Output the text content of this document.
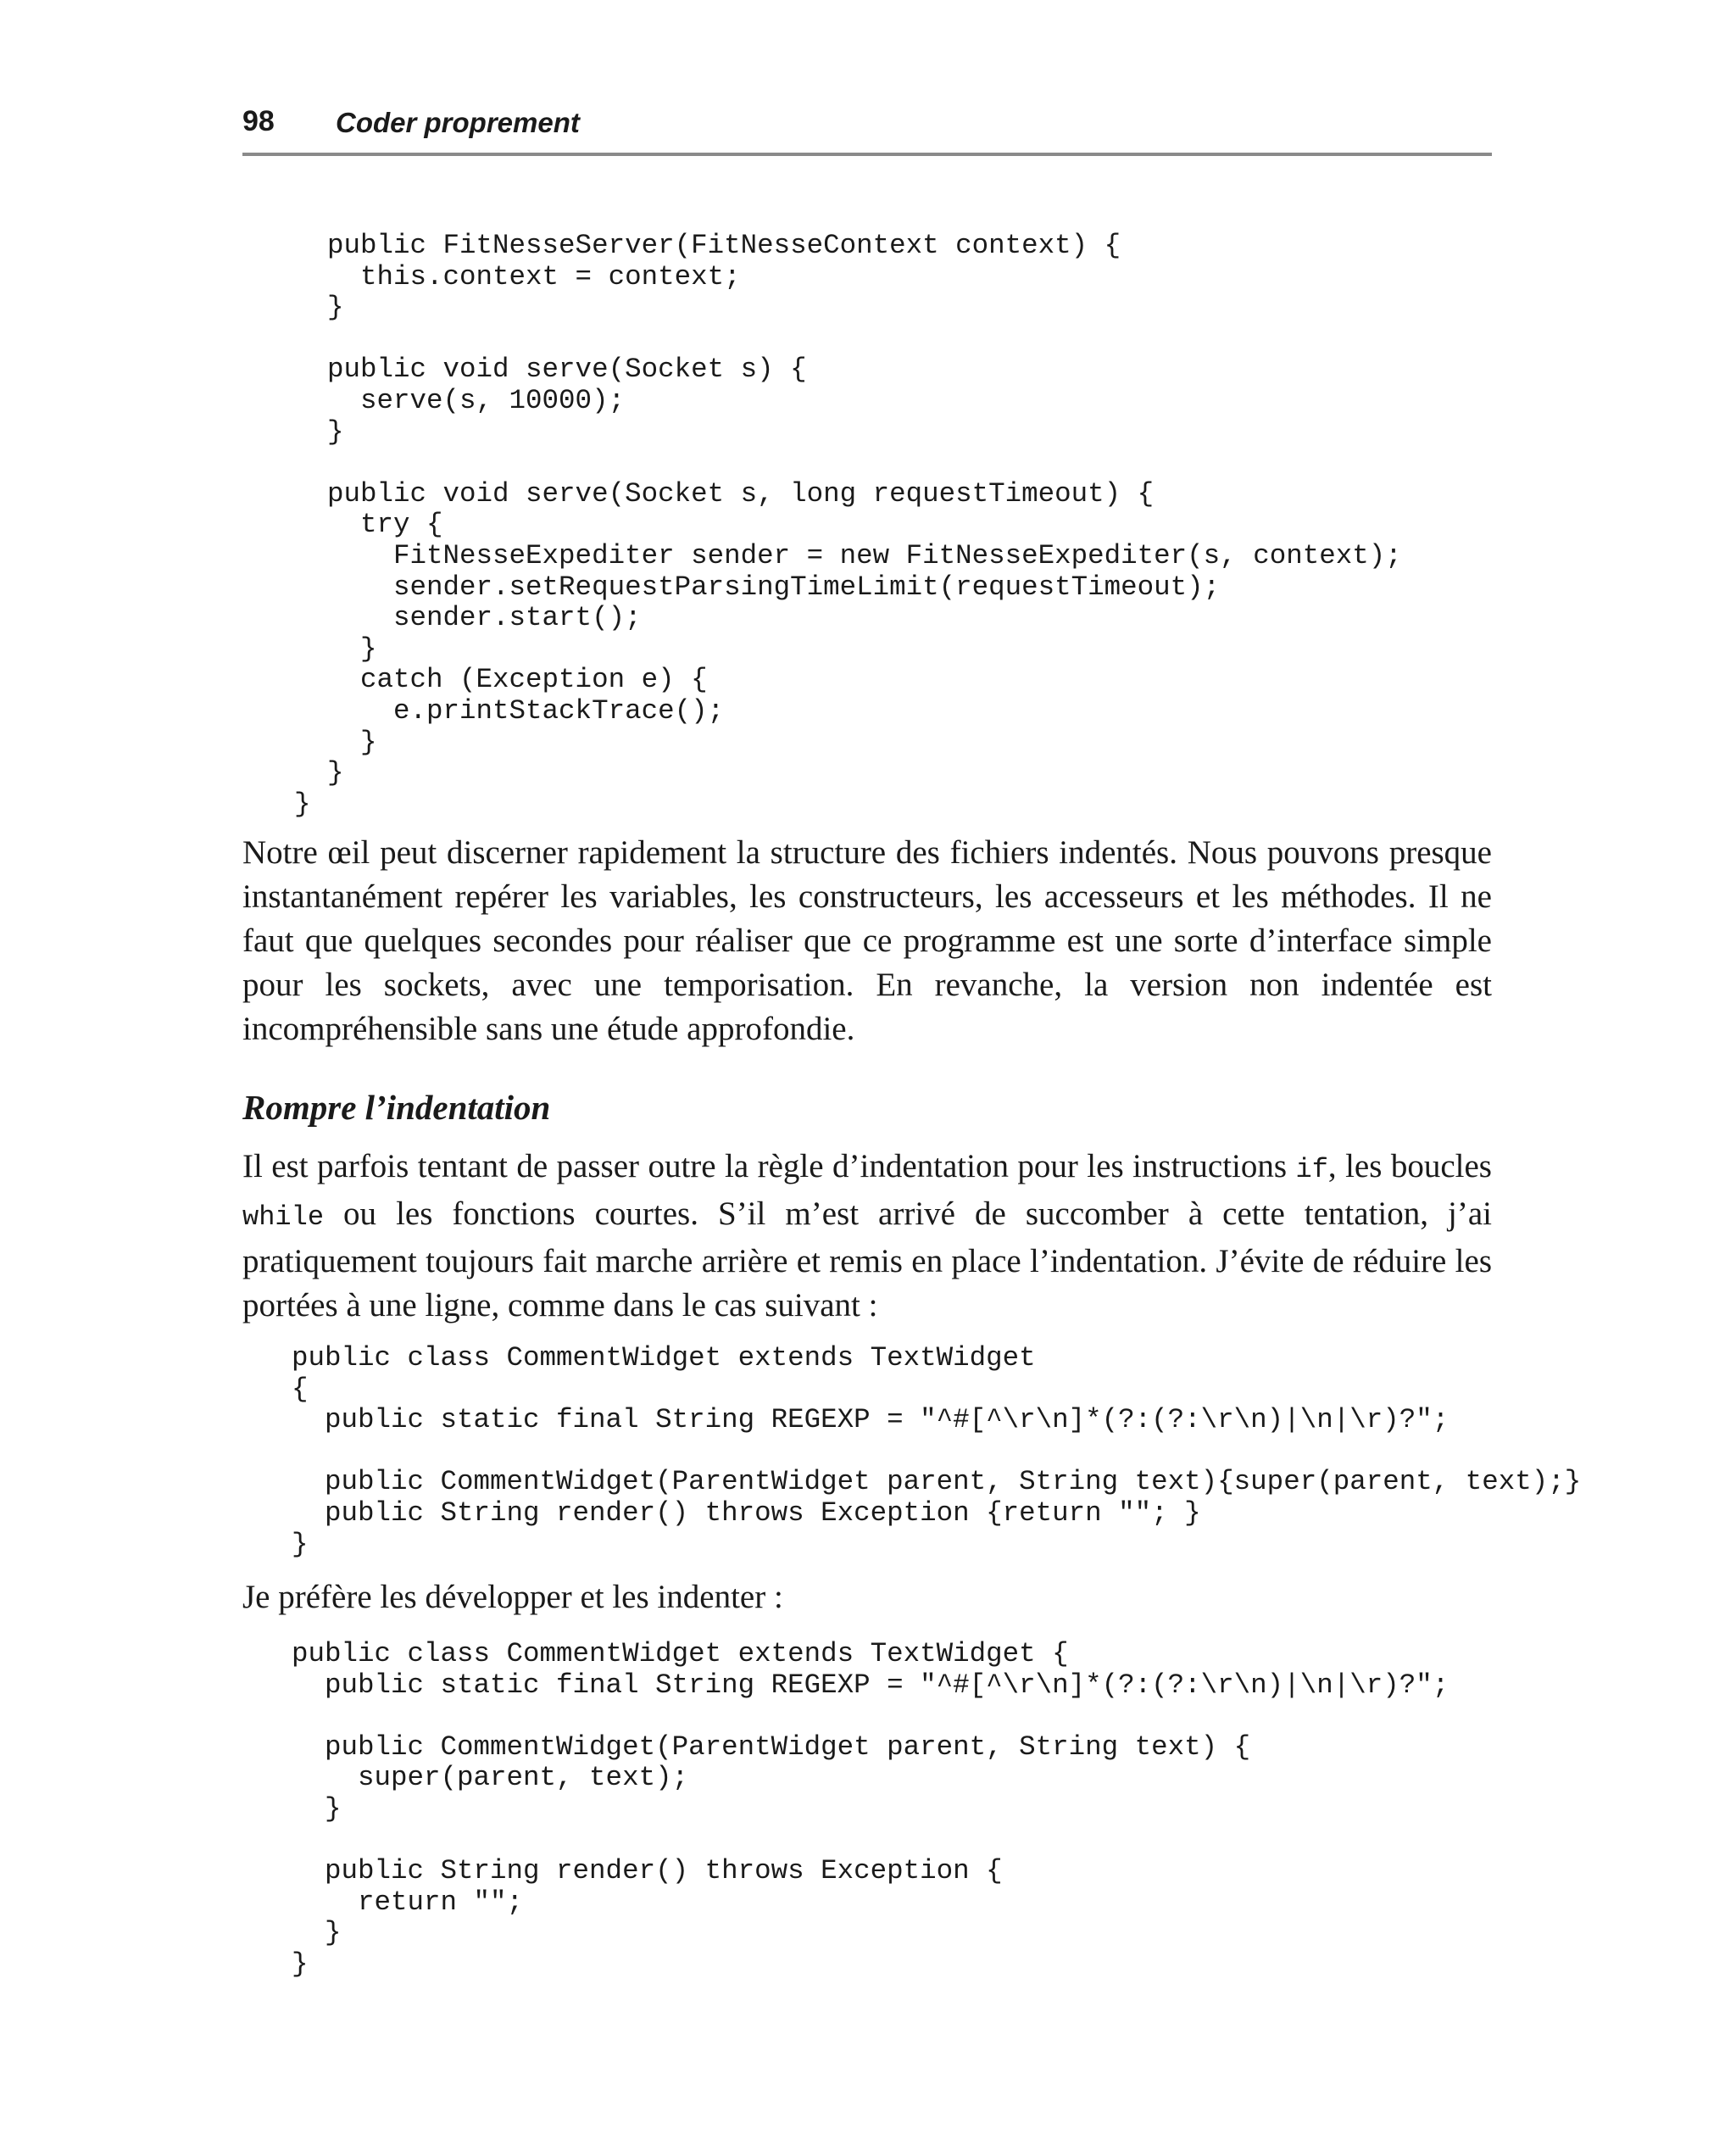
98 Coder proprement
public FitNesseServer(FitNesseContext context) {
this.context = context;
}

public void serve(Socket s) {
serve(s, 10000);
}

public void serve(Socket s, long requestTimeout) {
try {
FitNesseExpediter sender = new FitNesseExpediter(s, context);
sender.setRequestParsingTimeLimit(requestTimeout);
sender.start();
}
catch (Exception e) {
e.printStackTrace();
}
}
}

Notre œil peut discerner rapidement la structure des fichiers indentés. Nous pouvons presque instantanément repérer les variables, les constructeurs, les accesseurs et les méthodes. Il ne faut que quelques secondes pour réaliser que ce programme est une sorte d’interface simple pour les sockets, avec une temporisation. En revanche, la version non indentée est incompréhensible sans une étude approfondie.

Rompre l’indentation

Il est parfois tentant de passer outre la règle d’indentation pour les instructions if, les boucles while ou les fonctions courtes. S’il m’est arrivé de succomber à cette tentation, j’ai pratiquement toujours fait marche arrière et remis en place l’indentation. J’évite de réduire les portées à une ligne, comme dans le cas suivant :

public class CommentWidget extends TextWidget
{
public static final String REGEXP = "^#[^\r\n]*(?:(?:\r\n)|\n|\r)?";

public CommentWidget(ParentWidget parent, String text){super(parent, text);}
public String render() throws Exception {return ""; }
}

Je préfère les développer et les indenter :

public class CommentWidget extends TextWidget {
public static final String REGEXP = "^#[^\r\n]*(?:(?:\r\n)|\n|\r)?";

public CommentWidget(ParentWidget parent, String text) {
super(parent, text);
}

public String render() throws Exception {
return "";
}
}
